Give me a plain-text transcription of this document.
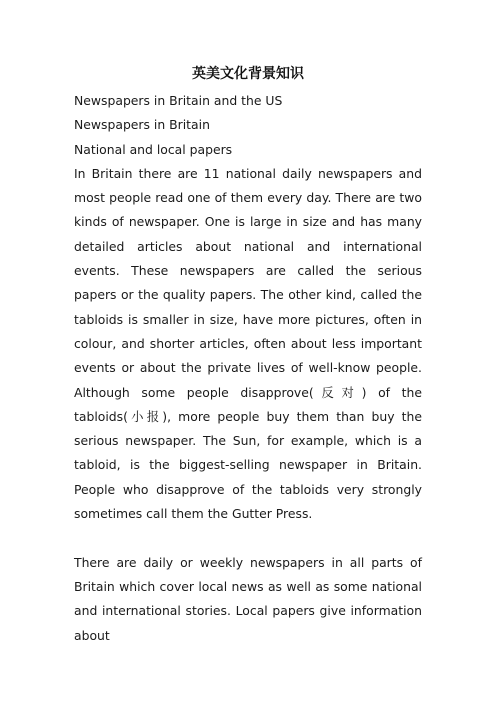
英美文化背景知识
Newspapers in Britain and the US
Newspapers in Britain
National and local papers

In Britain there are 11 national daily newspapers and most people read one of them every day. There are two kinds of newspaper. One is large in size and has many detailed articles about national and international events. These newspapers are called the serious papers or the quality papers. The other kind, called the tabloids is smaller in size, have more pictures, often in colour, and shorter articles, often about less important events or about the private lives of well-know people. Although some people disapprove(反对) of the tabloids(小报), more people buy them than buy the serious newspaper. The Sun, for example, which is a tabloid, is the biggest-selling newspaper in Britain. People who disapprove of the tabloids very strongly sometimes call them the Gutter Press.

There are daily or weekly newspapers in all parts of Britain which cover local news as well as some national and international stories. Local papers give information about
